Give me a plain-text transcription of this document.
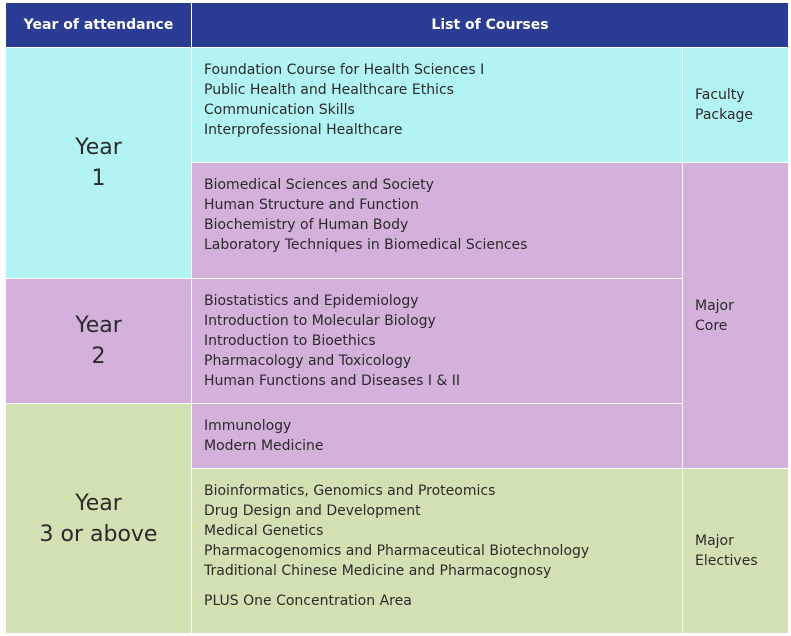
Year of attendance	List of Courses
Year
1
Year
2
Year
3 or above
Foundation Course for Health Sciences I
Public Health and Healthcare Ethics
Communication Skills
Interprofessional Healthcare
Biomedical Sciences and Society
Human Structure and Function
Biochemistry of Human Body
Laboratory Techniques in Biomedical Sciences
Biostatistics and Epidemiology
Introduction to Molecular Biology
Introduction to Bioethics
Pharmacology and Toxicology
Human Functions and Diseases I & II
Immunology
Modern Medicine
Bioinformatics, Genomics and Proteomics
Drug Design and Development
Medical Genetics
Pharmacogenomics and Pharmaceutical Biotechnology
Traditional Chinese Medicine and Pharmacognosy
PLUS One Concentration Area
Faculty
Package
Major
Core
Major
Electives
